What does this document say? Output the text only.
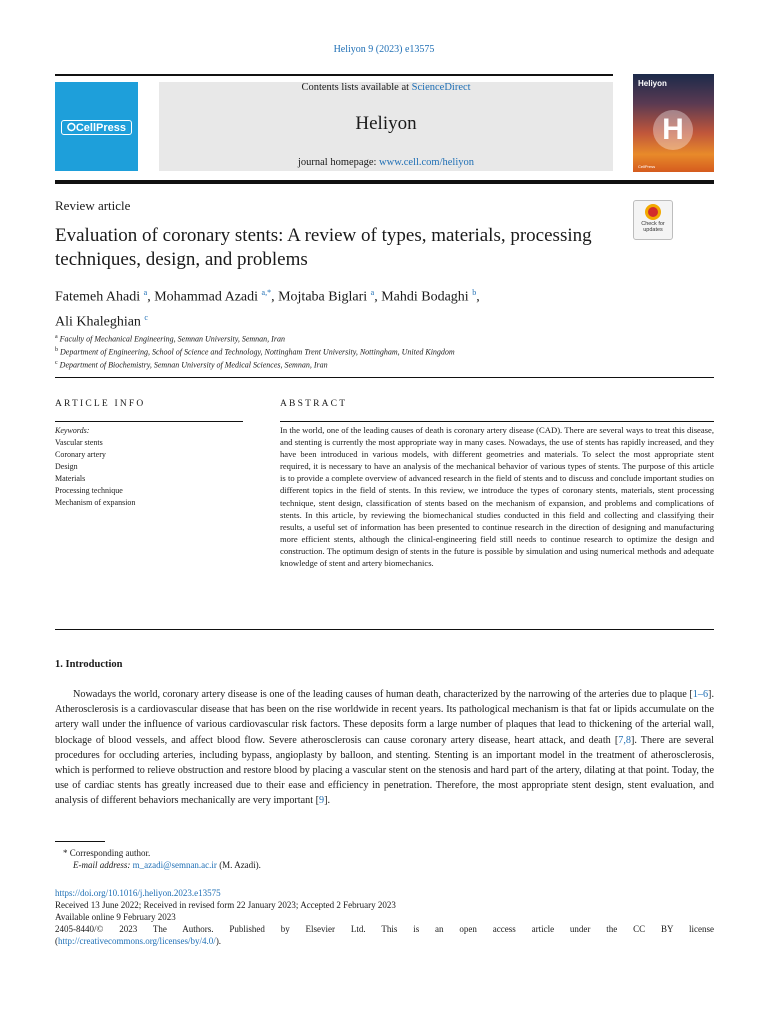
Heliyon 9 (2023) e13575
⭘CellPress
Contents lists available at ScienceDirect
Heliyon
journal homepage: www.cell.com/heliyon
Heliyon
H
CellPress
Review article
Check for updates
Evaluation of coronary stents: A review of types, materials, processing techniques, design, and problems
Fatemeh Ahadi $^a$, Mohammad Azadi $^{a,*}$, Mojtaba Biglari $^a$, Mahdi Bodaghi $^b$,
Ali Khaleghian $^c$
$^a$ Faculty of Mechanical Engineering, Semnan University, Semnan, Iran
$^b$ Department of Engineering, School of Science and Technology, Nottingham Trent University, Nottingham, United Kingdom
$^c$ Department of Biochemistry, Semnan University of Medical Sciences, Semnan, Iran
ARTICLE INFO	ABSTRACT
Keywords:
Vascular stents
Coronary artery
Design
Materials
Processing technique
Mechanism of expansion
In the world, one of the leading causes of death is coronary artery disease (CAD). There are several ways to treat this disease, and stenting is currently the most appropriate way in many cases. Nowadays, the use of stents has rapidly increased, and they have been introduced in various models, with different geometries and materials. To select the most appropriate stent required, it is necessary to have an analysis of the mechanical behavior of various types of stents. The purpose of this article is to provide a complete overview of advanced research in the field of stents and to discuss and conclude important studies on different topics in the field of stents. In this review, we introduce the types of coronary stents, materials, stent processing technique, stent design, classification of stents based on the mechanism of expansion, and problems and complications of stents. In this article, by reviewing the biomechanical studies conducted in this field and collecting and classifying their results, a useful set of information has been presented to continue research in the direction of designing and manufacturing more efficient stents, although the clinical-engineering field still needs to continue research to optimize the design and construction. The optimum design of stents in the future is possible by simulation and using numerical methods and adequate knowledge of stent and artery biomechanics.
1. Introduction
Nowadays the world, coronary artery disease is one of the leading causes of human death, characterized by the narrowing of the arteries due to plaque [1–6]. Atherosclerosis is a cardiovascular disease that has been on the rise worldwide in recent years. Its pathological mechanism is that fat or lipids accumulate on the artery wall under the influence of various cardiovascular risk factors. These deposits form a large number of plaques that lead to thickening of the arterial wall, blockage of blood vessels, and affect blood flow. Severe atherosclerosis can cause coronary artery disease, heart attack, and death [7,8]. There are several procedures for occluding arteries, including bypass, angioplasty by balloon, and stenting. Stenting is an important model in the treatment of atherosclerosis, which is performed to relieve obstruction and restore blood by placing a vascular stent on the stenosis and hard part of the artery, dilating at that point. Today, the use of cardiac stents has greatly increased due to their ease and efficiency in penetration. Therefore, the most appropriate stent design, stent evaluation, and analysis of different behaviors mechanically are very important [9].
* Corresponding author.
E-mail address: m_azadi@semnan.ac.ir (M. Azadi).
https://doi.org/10.1016/j.heliyon.2023.e13575
Received 13 June 2022; Received in revised form 22 January 2023; Accepted 2 February 2023
Available online 9 February 2023
2405-8440/© 2023 The Authors. Published by Elsevier Ltd. This is an open access article under the CC BY license
(http://creativecommons.org/licenses/by/4.0/).
